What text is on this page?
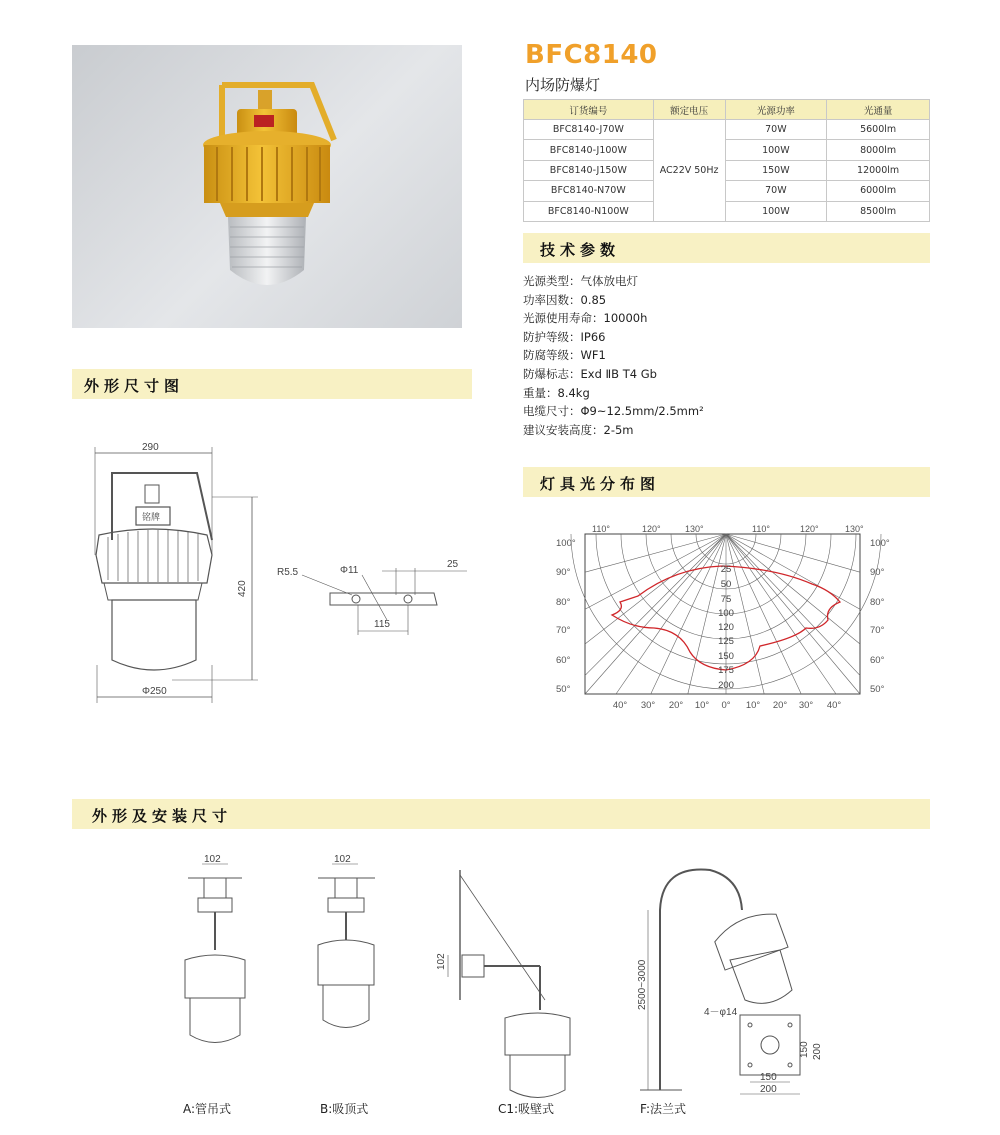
BFC8140
内场防爆灯
订货编号	额定电压	光源功率	光通量
BFC8140-J70W	AC22V 50Hz	70W	5600lm
BFC8140-J100W		100W	8000lm
BFC8140-J150W		150W	12000lm
BFC8140-N70W		70W	6000lm
BFC8140-N100W		100W	8500lm
技术参数
光源类型：气体放电灯
功率因数：0.85
光源使用寿命：10000h
防护等级：IP66
防腐等级：WF1
防爆标志：Exd ⅡB T4 Gb
重量：8.4kg
电缆尺寸：Φ9~12.5mm/2.5mm²
建议安装高度：2-5m
外形尺寸图
290
铭牌
420
Φ250
R5.5	Φ11
25
115
灯具光分布图
110°	120°	130°	110°	120°	130°
100°
90°
80°
70°
60°
50°
100°
90°
80°
70°
60°
50°
25
50
75
100
120
125
150
175
200
40° 30° 20° 10° 0° 10° 20° 30° 40°
外形及安装尺寸
102	102
102	2500~3000
4－φ14
150
200
150 200
A:管吊式	B:吸顶式	C1:吸壁式	F:法兰式
